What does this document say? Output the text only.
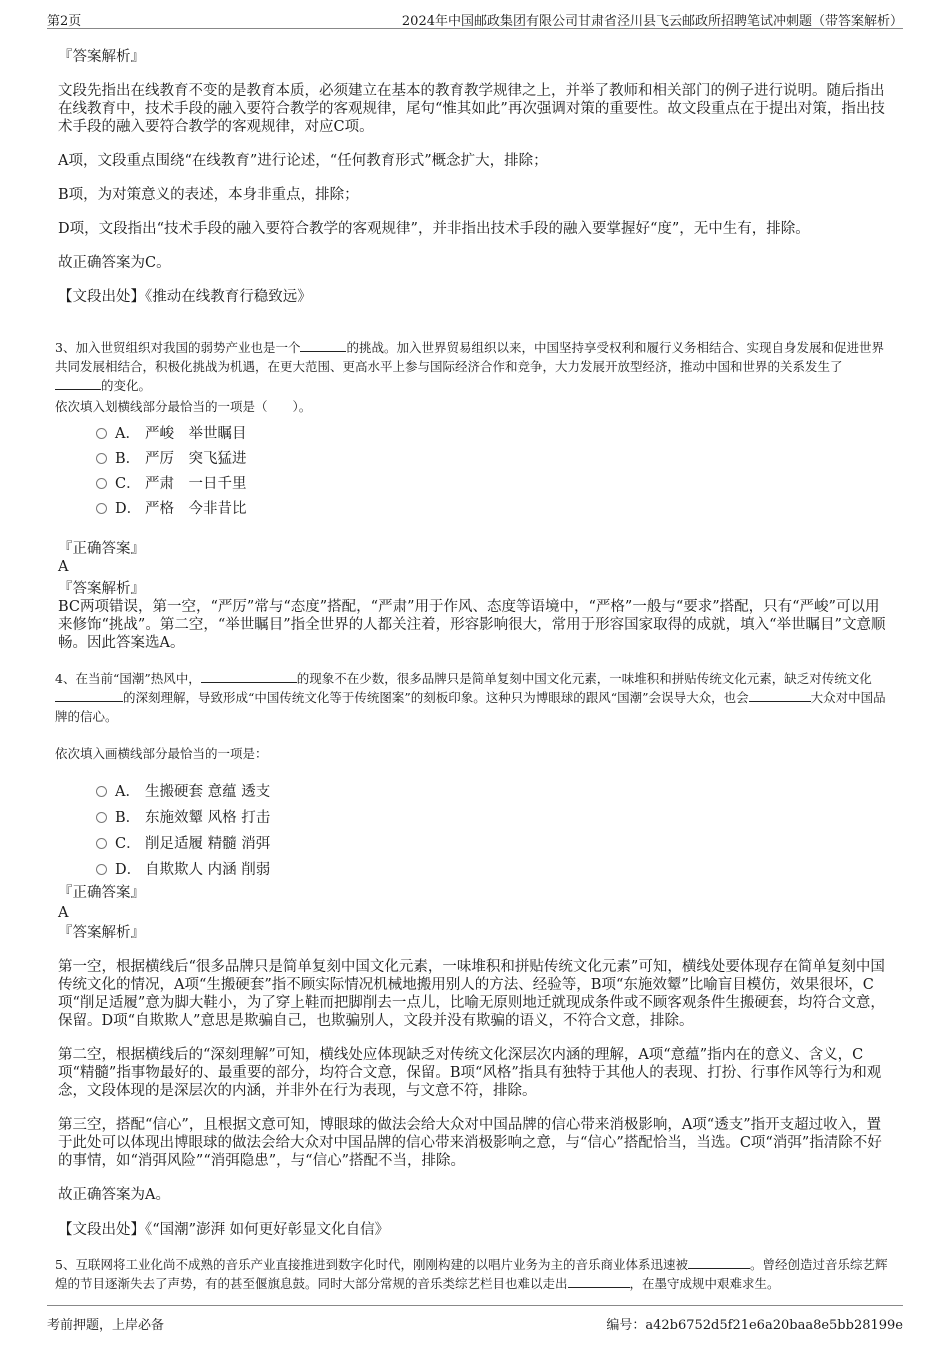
第2页	2024年中国邮政集团有限公司甘肃省泾川县飞云邮政所招聘笔试冲刺题（带答案解析）
『答案解析』
文段先指出在线教育不变的是教育本质，必须建立在基本的教育教学规律之上，并举了教师和相关部门的例子进行说明。随后指出在线教育中，技术手段的融入要符合教学的客观规律，尾句“惟其如此”再次强调对策的重要性。故文段重点在于提出对策，指出技术手段的融入要符合教学的客观规律，对应C项。
A项，文段重点围绕“在线教育”进行论述，“任何教育形式”概念扩大，排除；
B项，为对策意义的表述，本身非重点，排除；
D项，文段指出“技术手段的融入要符合教学的客观规律”，并非指出技术手段的融入要掌握好“度”，无中生有，排除。
故正确答案为C。
【文段出处】《推动在线教育行稳致远》
3、加入世贸组织对我国的弱势产业也是一个	的挑战。加入世界贸易组织以来，中国坚持享受权利和履行义务相结合、实现自身发展和促进世界共同发展相结合，积极化挑战为机遇，在更大范围、更高水平上参与国际经济合作和竞争，大力发展开放型经济，推动中国和世界的关系发生了的变化。
依次填入划横线部分最恰当的一项是（　　）。
A． 严峻　举世瞩目
B． 严厉　突飞猛进
C． 严肃　一日千里
D． 严格　今非昔比
『正确答案』
A
『答案解析』
BC两项错误，第一空，“严厉”常与“态度”搭配，“严肃”用于作风、态度等语境中，“严格”一般与“要求”搭配，只有“严峻”可以用来修饰“挑战”。第二空，“举世瞩目”指全世界的人都关注着，形容影响很大，常用于形容国家取得的成就，填入“举世瞩目”文意顺畅。因此答案选A。
4、在当前“国潮”热风中，	的现象不在少数，很多品牌只是简单复刻中国文化元素，一味堆积和拼贴传统文化元素，缺乏对传统文化的深刻理解，导致形成“中国传统文化等于传统图案”的刻板印象。这种只为博眼球的跟风“国潮”会误导大众，也会	大众对中国品牌的信心。
依次填入画横线部分最恰当的一项是：
A． 生搬硬套 意蕴 透支
B． 东施效颦 风格 打击
C． 削足适履 精髓 消弭
D． 自欺欺人 内涵 削弱
『正确答案』
A
『答案解析』
第一空，根据横线后“很多品牌只是简单复刻中国文化元素，一味堆积和拼贴传统文化元素”可知，横线处要体现存在简单复刻中国传统文化的情况，A项“生搬硬套”指不顾实际情况机械地搬用别人的方法、经验等，B项“东施效颦”比喻盲目模仿，效果很坏，C项“削足适履”意为脚大鞋小，为了穿上鞋而把脚削去一点儿，比喻无原则地迁就现成条件或不顾客观条件生搬硬套，均符合文意，保留。D项“自欺欺人”意思是欺骗自己，也欺骗别人，文段并没有欺骗的语义，不符合文意，排除。
第二空，根据横线后的“深刻理解”可知，横线处应体现缺乏对传统文化深层次内涵的理解，A项“意蕴”指内在的意义、含义，C项“精髓”指事物最好的、最重要的部分，均符合文意，保留。B项“风格”指具有独特于其他人的表现、打扮、行事作风等行为和观念，文段体现的是深层次的内涵，并非外在行为表现，与文意不符，排除。
第三空，搭配“信心”，且根据文意可知，博眼球的做法会给大众对中国品牌的信心带来消极影响，A项“透支”指开支超过收入，置于此处可以体现出博眼球的做法会给大众对中国品牌的信心带来消极影响之意，与“信心”搭配恰当，当选。C项“消弭”指清除不好的事情，如“消弭风险”“消弭隐患”，与“信心”搭配不当，排除。
故正确答案为A。
【文段出处】《“国潮”澎湃 如何更好彰显文化自信》
5、互联网将工业化尚不成熟的音乐产业直接推进到数字化时代，刚刚构建的以唱片业务为主的音乐商业体系迅速被	。曾经创造过音乐综艺辉煌的节目逐渐失去了声势，有的甚至偃旗息鼓。同时大部分常规的音乐类综艺栏目也难以走出	，在墨守成规中艰难求生。
考前押题，上岸必备	编号：a42b6752d5f21e6a20baa8e5bb28199e
